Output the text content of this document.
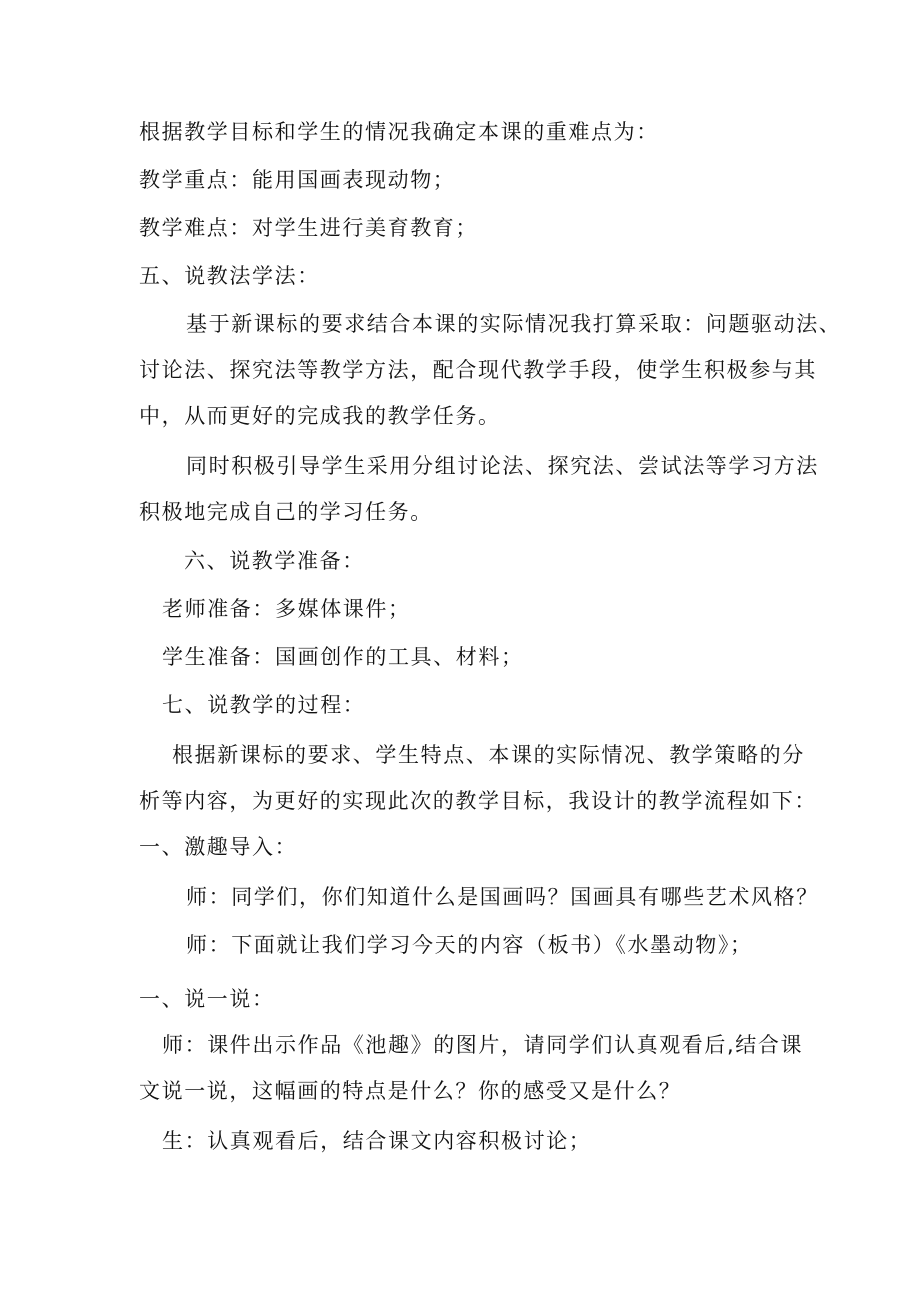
根据教学目标和学生的情况我确定本课的重难点为：
教学重点：能用国画表现动物；
教学难点：对学生进行美育教育；
五、说教法学法：
基于新课标的要求结合本课的实际情况我打算采取：问题驱动法、
讨论法、探究法等教学方法，配合现代教学手段，使学生积极参与其
中，从而更好的完成我的教学任务。
同时积极引导学生采用分组讨论法、探究法、尝试法等学习方法
积极地完成自己的学习任务。
六、说教学准备：
老师准备：多媒体课件；
学生准备：国画创作的工具、材料；
七、说教学的过程：
根据新课标的要求、学生特点、本课的实际情况、教学策略的分
析等内容，为更好的实现此次的教学目标，我设计的教学流程如下：
一、激趣导入：
师：同学们，你们知道什么是国画吗？国画具有哪些艺术风格？
师：下面就让我们学习今天的内容（板书）《水墨动物》；
一、说一说：
师：课件出示作品《池趣》的图片，请同学们认真观看后,结合课
文说一说，这幅画的特点是什么？你的感受又是什么？
生：认真观看后，结合课文内容积极讨论；
